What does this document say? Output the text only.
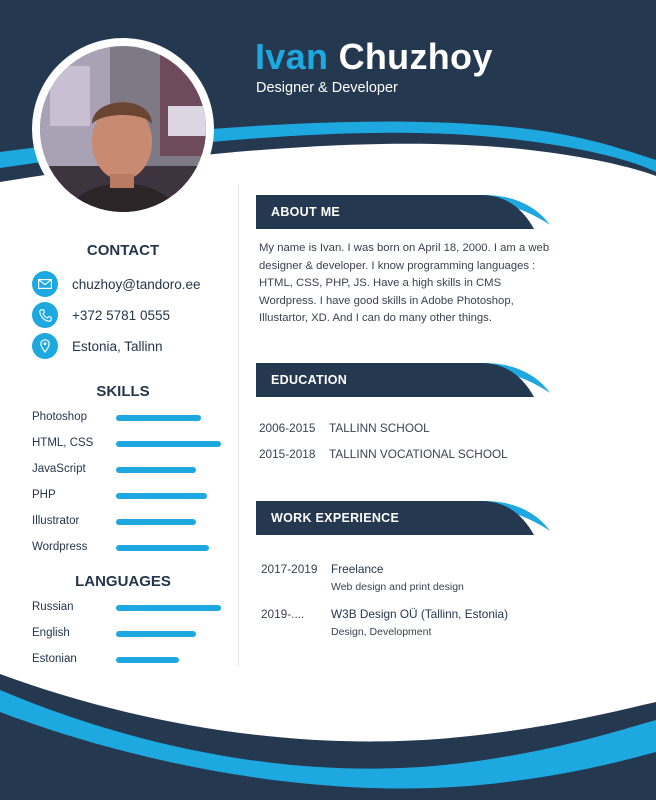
Ivan Chuzhoy
Designer & Developer
CONTACT
chuzhoy@tandoro.ee
+372 5781 0555
Estonia, Tallinn
SKILLS
Photoshop
HTML, CSS
JavaScript
PHP
Illustrator
Wordpress
LANGUAGES
Russian
English
Estonian
ABOUT ME
My name is Ivan. I was born on April 18, 2000. I am a web designer & developer. I know programming languages : HTML, CSS, PHP, JS. Have a high skills in CMS Wordpress. I have good skills in Adobe Photoshop, Illustartor, XD. And I can do many other things.
EDUCATION
2006-2015 TALLINN SCHOOL
2015-2018 TALLINN VOCATIONAL SCHOOL
WORK EXPERIENCE
2017-2019 Freelance
Web design and print design
2019-.... W3B Design OÜ (Tallinn, Estonia)
Design, Development
